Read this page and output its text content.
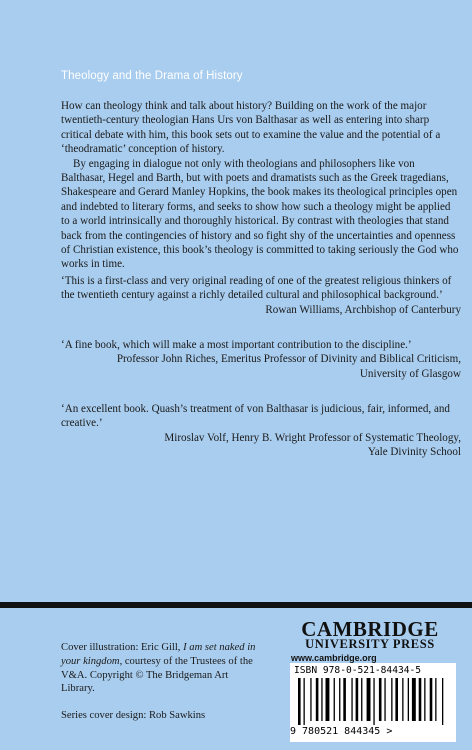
Theology and the Drama of History

How can theology think and talk about history? Building on the work of the major twentieth-century theologian Hans Urs von Balthasar as well as entering into sharp critical debate with him, this book sets out to examine the value and the potential of a ‘theodramatic’ conception of history.

By engaging in dialogue not only with theologians and philosophers like von Balthasar, Hegel and Barth, but with poets and dramatists such as the Greek tragedians, Shakespeare and Gerard Manley Hopkins, the book makes its theological principles open and indebted to literary forms, and seeks to show how such a theology might be applied to a world intrinsically and thoroughly historical. By contrast with theologies that stand back from the contingencies of history and so fight shy of the uncertainties and openness of Christian existence, this book’s theology is committed to taking seriously the God who works in time.

‘This is a first-class and very original reading of one of the greatest religious thinkers of the twentieth century against a richly detailed cultural and philosophical background.’

Rowan Williams, Archbishop of Canterbury

‘A fine book, which will make a most important contribution to the discipline.’

Professor John Riches, Emeritus Professor of Divinity and Biblical Criticism,

University of Glasgow

‘An excellent book. Quash’s treatment of von Balthasar is judicious, fair, informed, and creative.’

Miroslav Volf, Henry B. Wright Professor of Systematic Theology,

Yale Divinity School

Cover illustration: Eric Gill, I am set naked in your kingdom, courtesy of the Trustees of the V&A. Copyright © The Bridgeman Art Library.

Series cover design: Rob Sawkins
CAMBRIDGE
UNIVERSITY PRESS
www.cambridge.org
ISBN 978-0-521-84434-5
9 780521 844345 >
